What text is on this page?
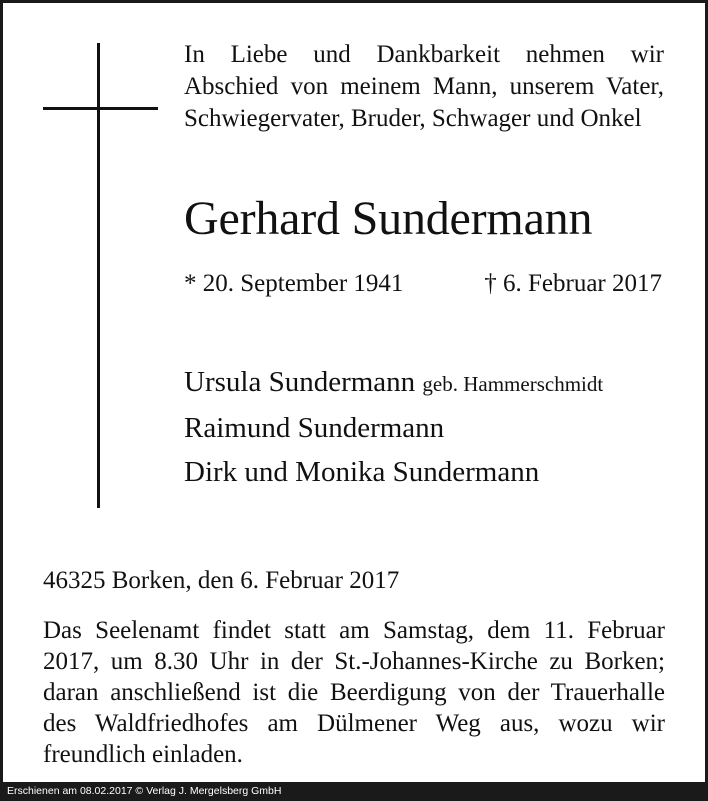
In Liebe und Dankbarkeit nehmen wir Abschied von meinem Mann, unserem Vater, Schwiegervater, Bruder, Schwager und Onkel
Gerhard Sundermann
* 20. September 1941	† 6. Februar 2017
Ursula Sundermann geb. Hammerschmidt
Raimund Sundermann
Dirk und Monika Sundermann
46325 Borken, den 6. Februar 2017
Das Seelenamt findet statt am Samstag, dem 11. Februar 2017, um 8.30 Uhr in der St.-Johannes-Kirche zu Borken; daran anschließend ist die Beerdigung von der Trauerhalle des Waldfriedhofes am Dülmener Weg aus, wozu wir freundlich einladen.
Erschienen am 08.02.2017 © Verlag J. Mergelsberg GmbH
